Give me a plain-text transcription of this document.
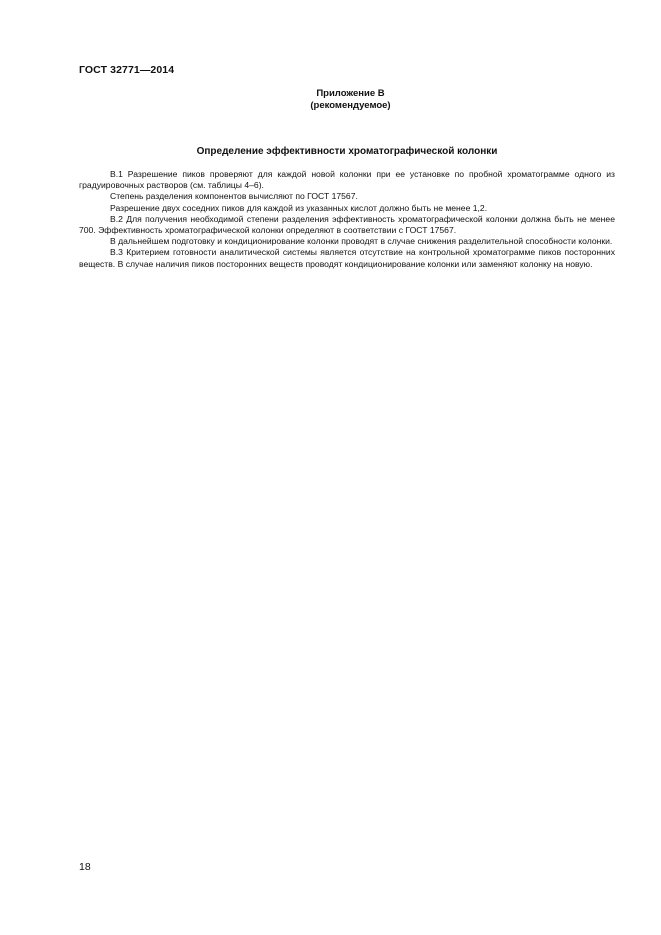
ГОСТ 32771—2014
Приложение В
(рекомендуемое)
Определение эффективности хроматографической колонки

В.1 Разрешение пиков проверяют для каждой новой колонки при ее установке по пробной хроматограмме одного из градуировочных растворов (см. таблицы 4–6).

Степень разделения компонентов вычисляют по ГОСТ 17567.

Разрешение двух соседних пиков для каждой из указанных кислот должно быть не менее 1,2.

В.2 Для получения необходимой степени разделения эффективность хроматографической колонки должна быть не менее 700. Эффективность хроматографической колонки определяют в соответствии с ГОСТ 17567.

В дальнейшем подготовку и кондиционирование колонки проводят в случае снижения разделительной способности колонки.

В.3 Критерием готовности аналитической системы является отсутствие на контрольной хроматограмме пиков посторонних веществ. В случае наличия пиков посторонних веществ проводят кондиционирование колонки или заменяют колонку на новую.

18
